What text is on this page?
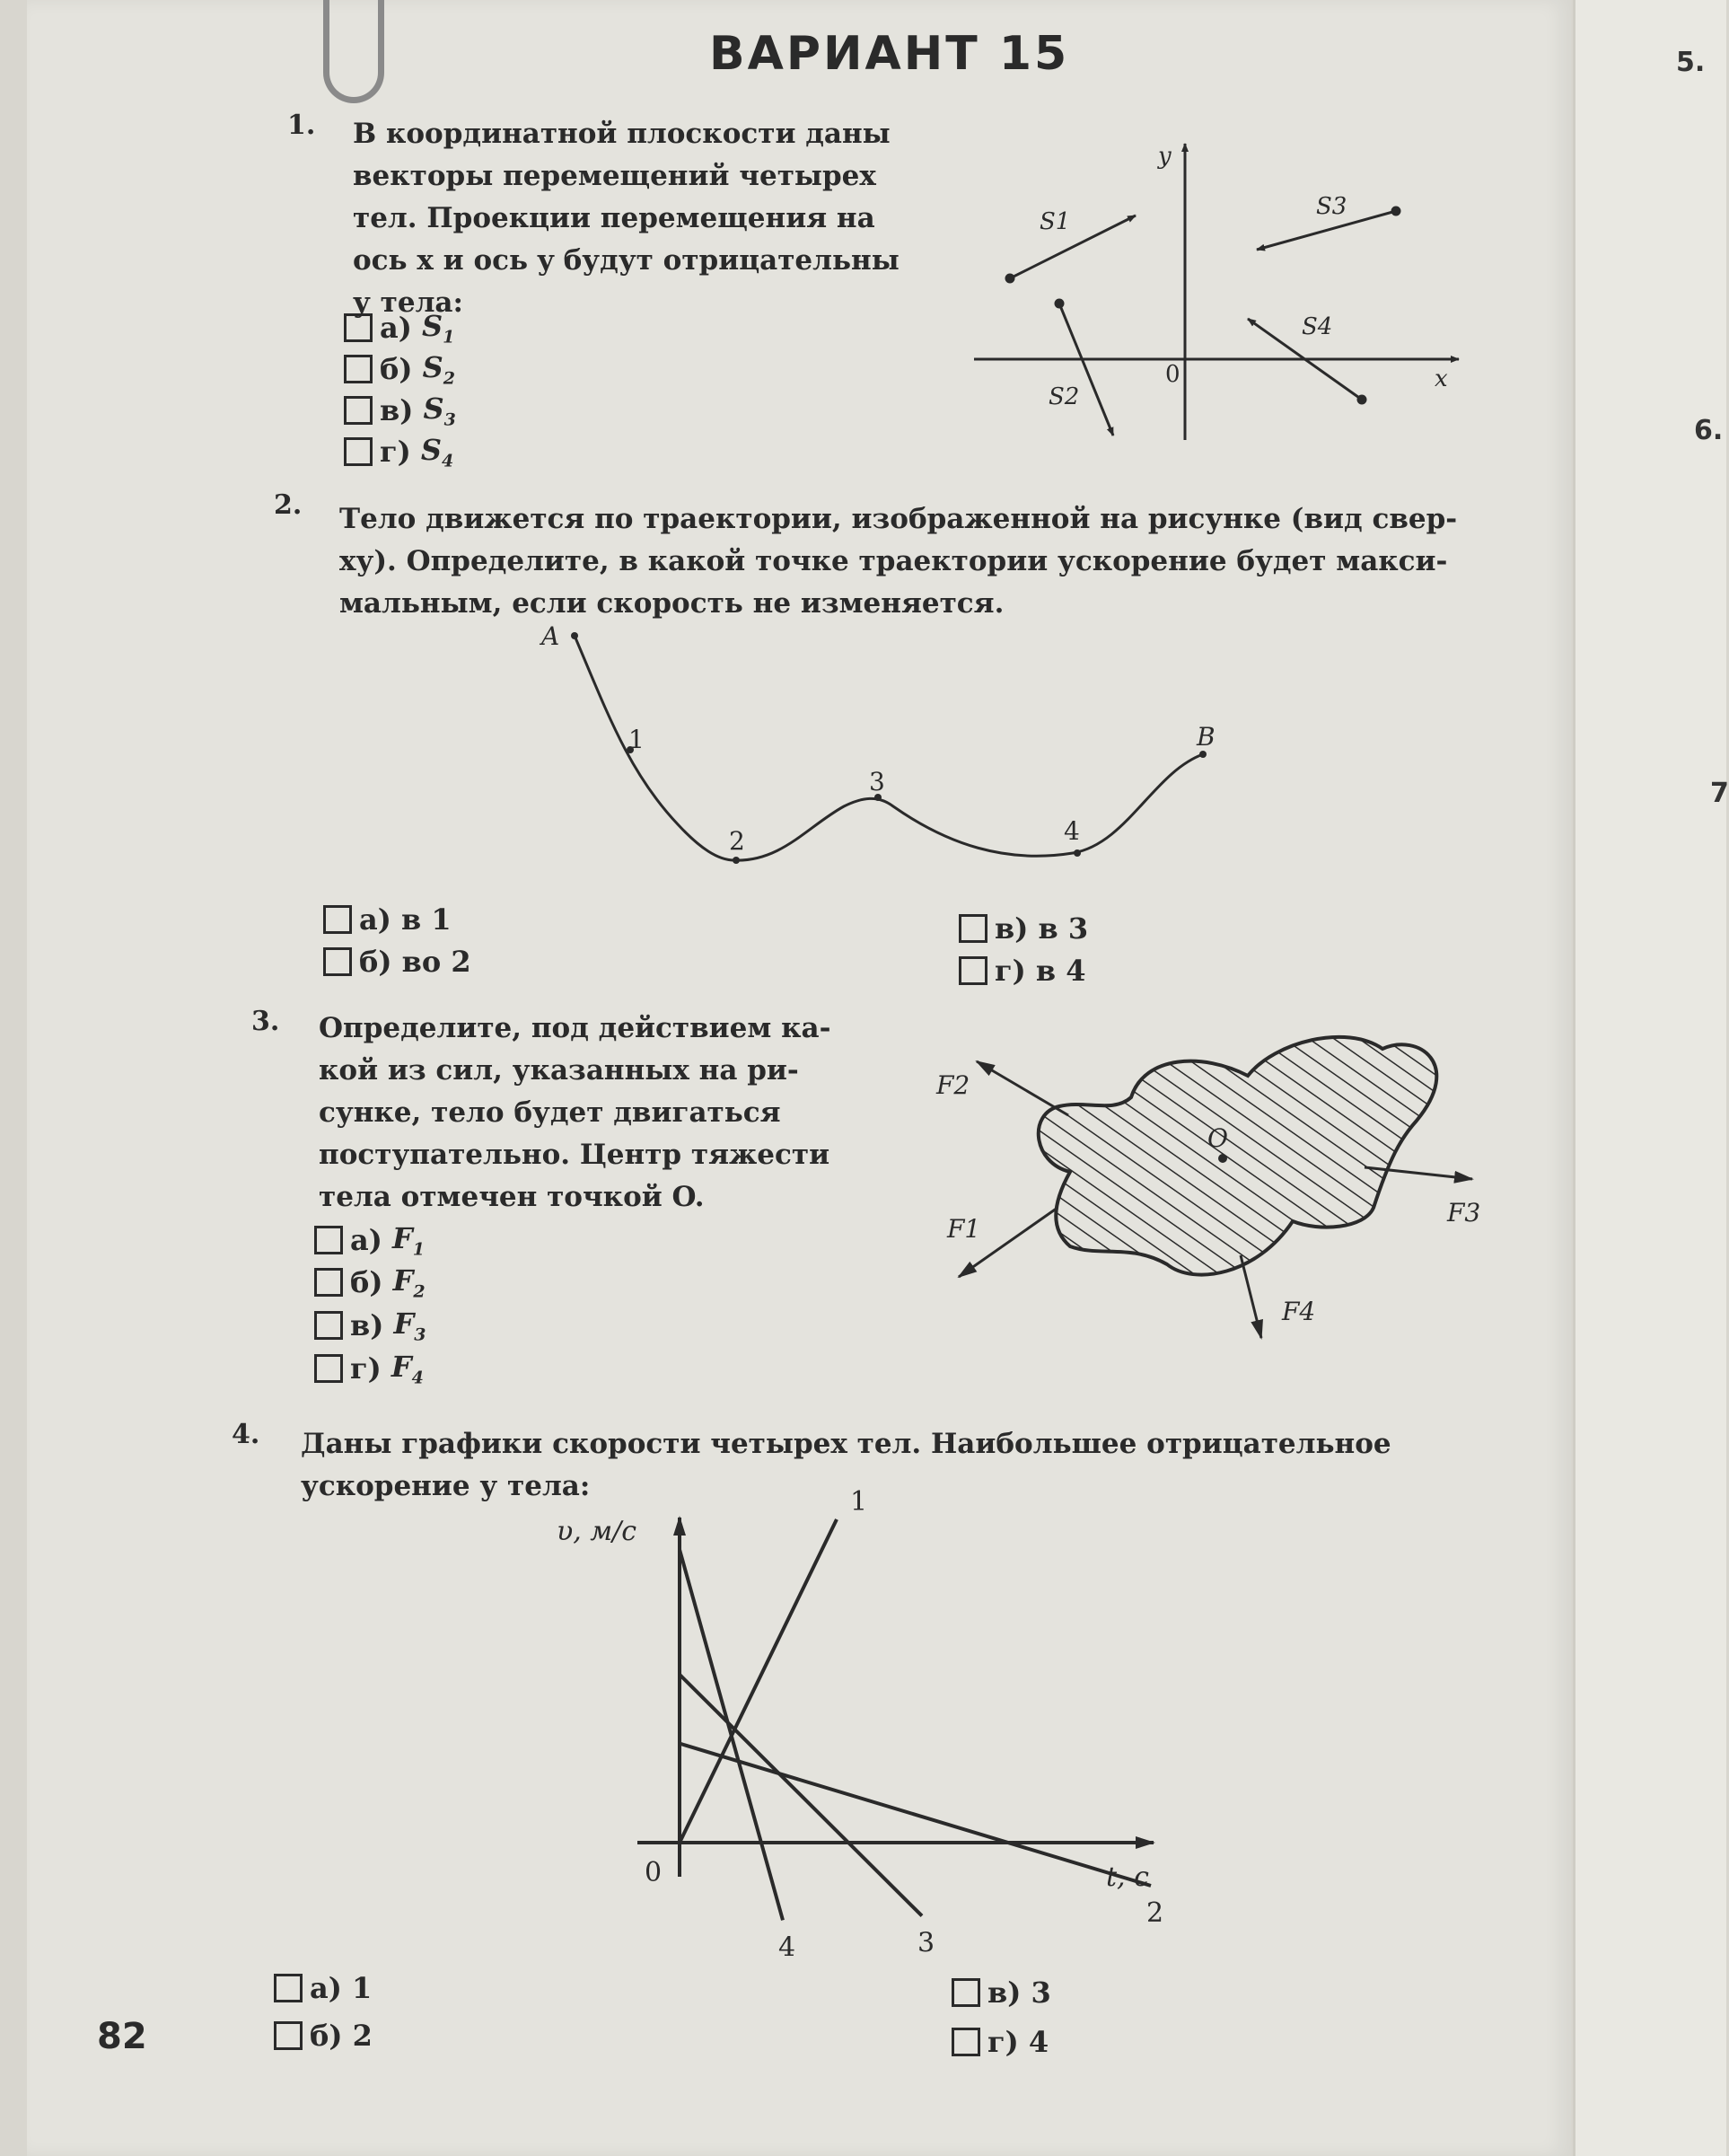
5.
6.
7
ВАРИАНТ 15
1. В координатной плоскости даны
векторы перемещений четырех
тел. Проекции перемещения на
ось x и ось y будут отрицательны
у тела:
а)
$S_1$
б)
$S_2$
в)
$S_3$
г)
$S_4$
y
x
0
S1
S2
S3
S4
A
1
2
3
4
B
O
F1
F2
F3
F4
1
2
3
4
υ, м/с
t, с
0
2. Тело движется по траектории, изображенной на рисунке (вид свер-
ху). Определите, в какой точке траектории ускорение будет макси-
мальным, если скорость не изменяется.
а) в 1
б) во 2
в) в 3
г) в 4
3. Определите, под действием ка-
кой из сил, указанных на ри-
сунке, тело будет двигаться
поступательно. Центр тяжести
тела отмечен точкой O.
а)
$F_1$
б)
$F_2$
в)
$F_3$
г)
$F_4$
4. Даны графики скорости четырех тел. Наибольшее отрицательное
ускорение у тела:
а) 1
б) 2
в) 3
г) 4
82
